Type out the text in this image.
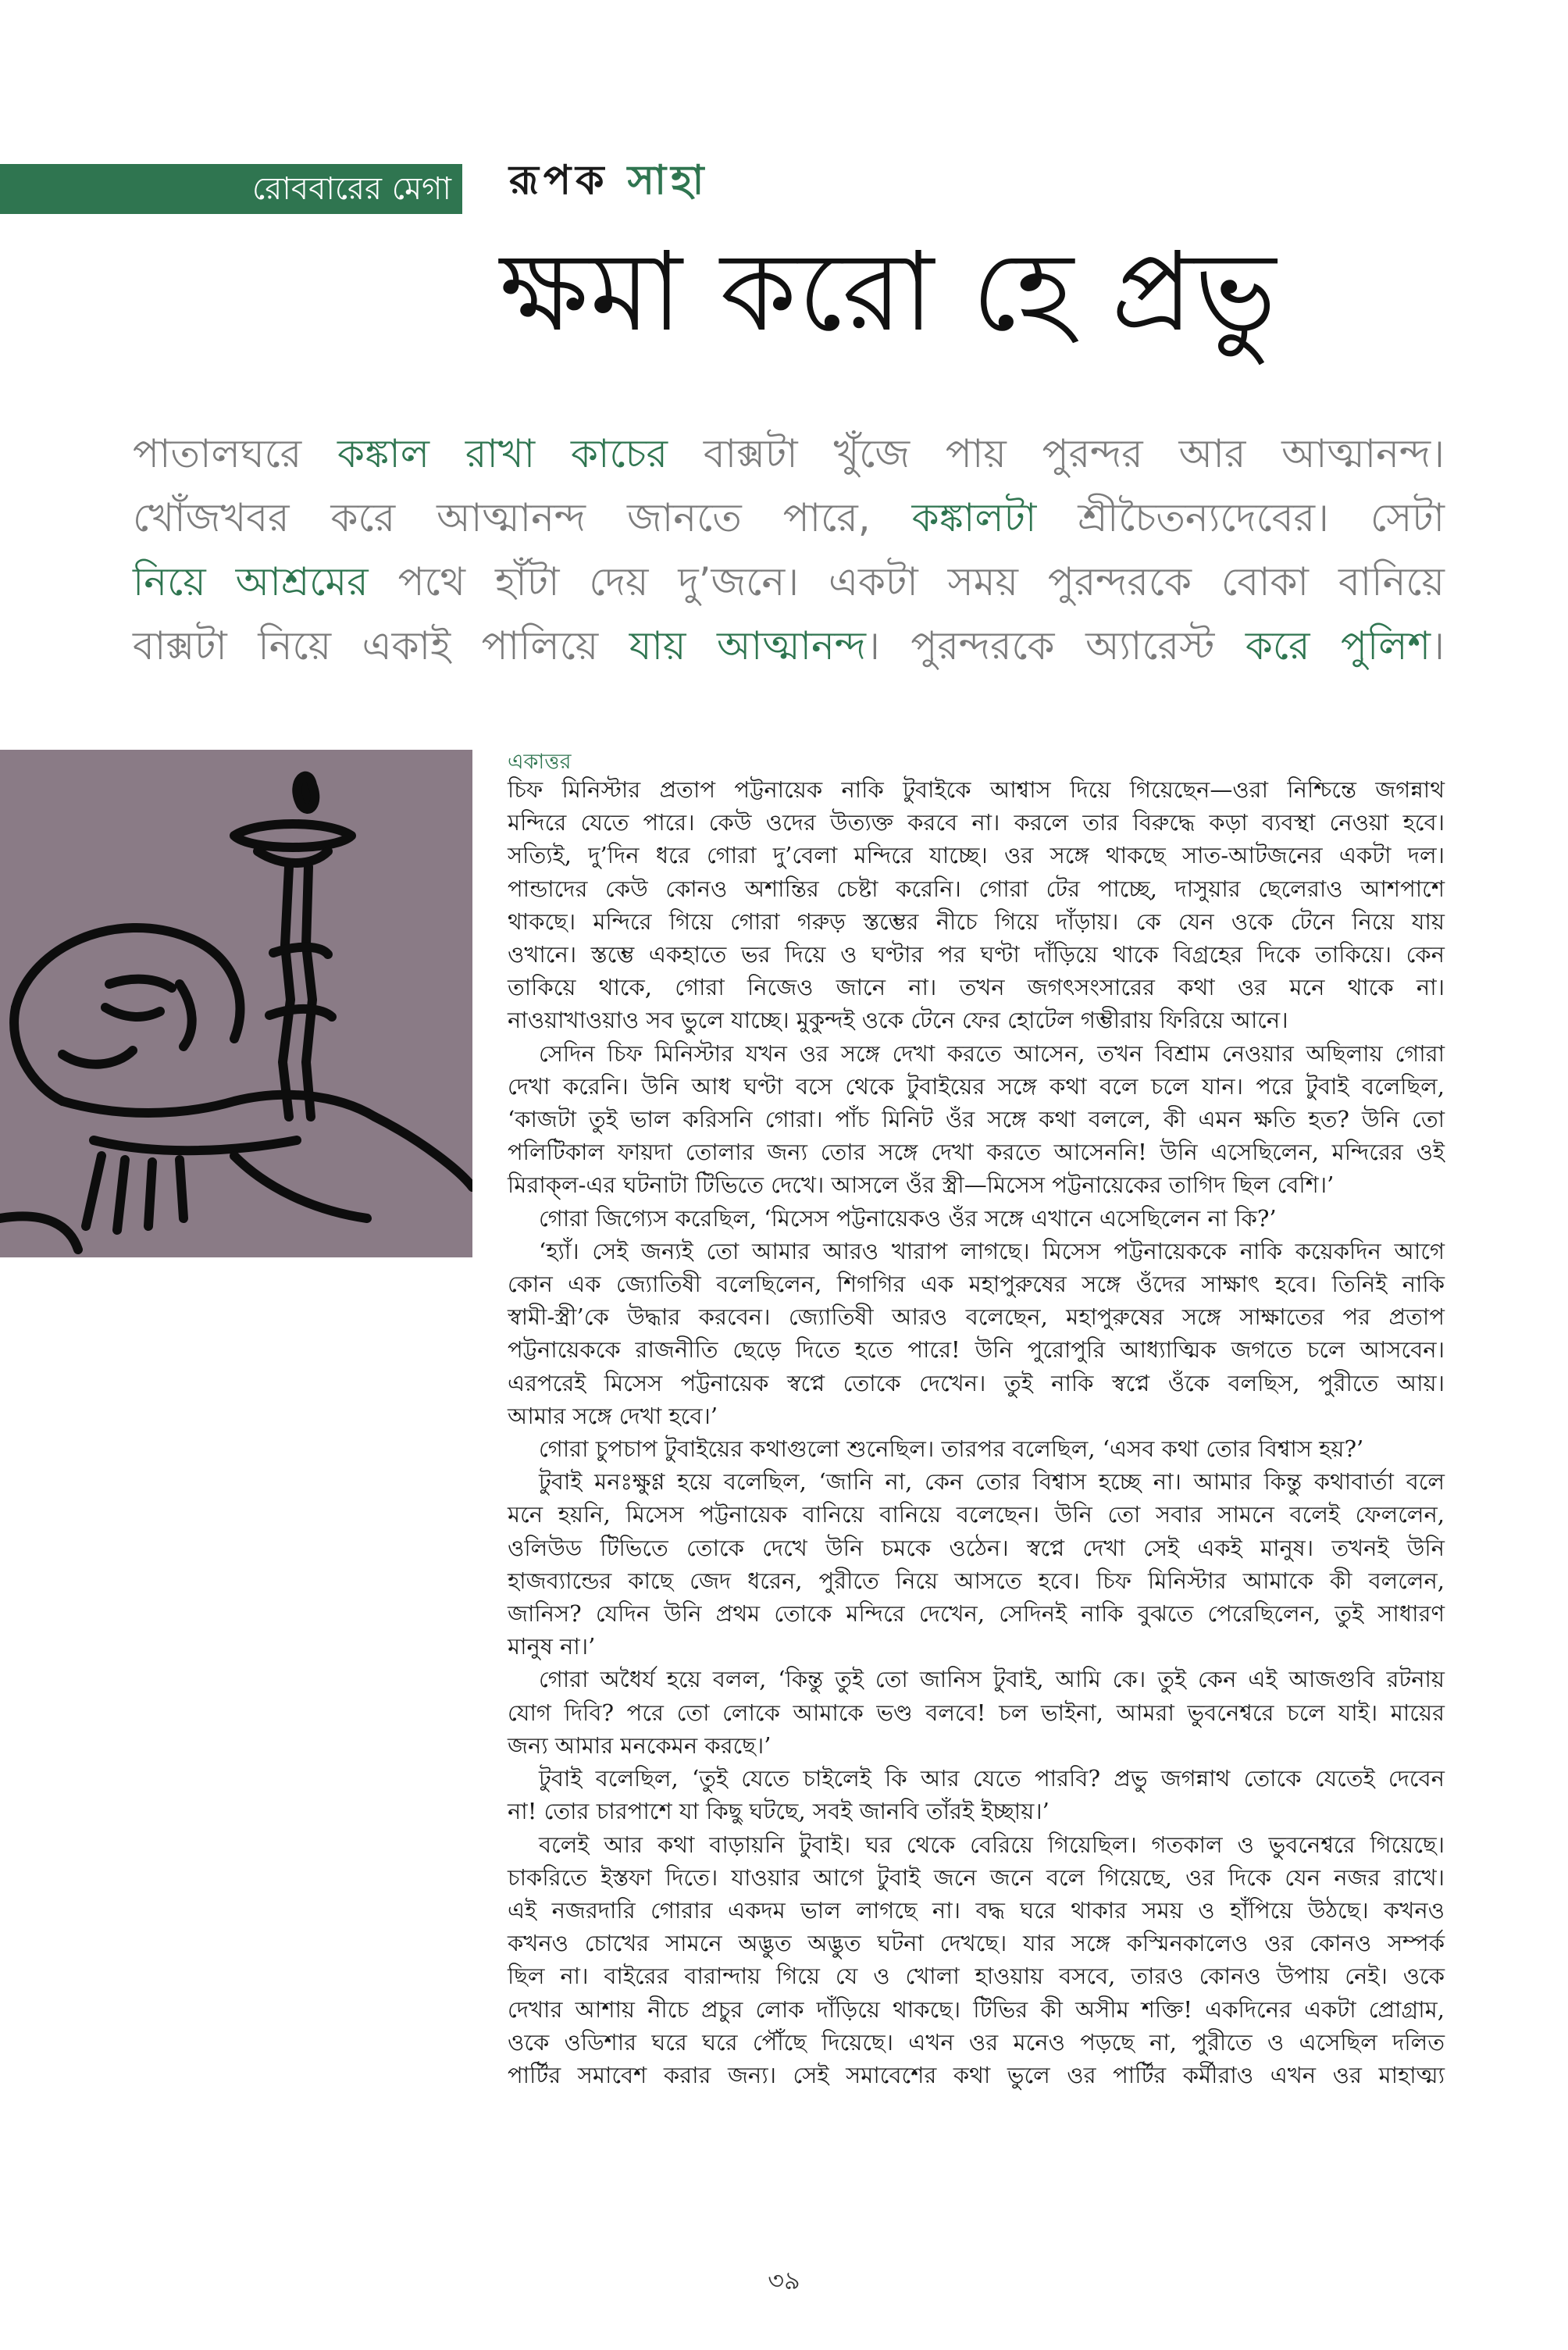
রোববারের মেগা রূপক সাহা
ক্ষমা করো হে প্রভু
পাতালঘরে কঙ্কাল রাখা কাচের বাক্সটা খুঁজে পায় পুরন্দর আর আত্মানন্দ।
খোঁজখবর করে আত্মানন্দ জানতে পারে, কঙ্কালটা শ্রীচৈতন্যদেবের। সেটা
নিয়ে আশ্রমের পথে হাঁটা দেয় দু’জনে। একটা সময় পুরন্দরকে বোকা বানিয়ে
বাক্সটা নিয়ে একাই পালিয়ে যায় আত্মানন্দ। পুরন্দরকে অ্যারেস্ট করে পুলিশ।
একাত্তর

চিফ মিনিস্টার প্রতাপ পট্টনায়েক নাকি টুবাইকে আশ্বাস দিয়ে গিয়েছেন—ওরা নিশ্চিন্তে জগন্নাথ

মন্দিরে যেতে পারে। কেউ ওদের উত্যক্ত করবে না। করলে তার বিরুদ্ধে কড়া ব্যবস্থা নেওয়া হবে।

সত্যিই, দু’দিন ধরে গোরা দু’বেলা মন্দিরে যাচ্ছে। ওর সঙ্গে থাকছে সাত-আটজনের একটা দল।

পান্ডাদের কেউ কোনও অশান্তির চেষ্টা করেনি। গোরা টের পাচ্ছে, দাসুয়ার ছেলেরাও আশপাশে

থাকছে। মন্দিরে গিয়ে গোরা গরুড় স্তম্ভের নীচে গিয়ে দাঁড়ায়। কে যেন ওকে টেনে নিয়ে যায়

ওখানে। স্তম্ভে একহাতে ভর দিয়ে ও ঘণ্টার পর ঘণ্টা দাঁড়িয়ে থাকে বিগ্রহের দিকে তাকিয়ে। কেন

তাকিয়ে থাকে, গোরা নিজেও জানে না। তখন জগৎসংসারের কথা ওর মনে থাকে না।

নাওয়াখাওয়াও সব ভুলে যাচ্ছে। মুকুন্দই ওকে টেনে ফের হোটেল গম্ভীরায় ফিরিয়ে আনে।

সেদিন চিফ মিনিস্টার যখন ওর সঙ্গে দেখা করতে আসেন, তখন বিশ্রাম নেওয়ার অছিলায় গোরা

দেখা করেনি। উনি আধ ঘণ্টা বসে থেকে টুবাইয়ের সঙ্গে কথা বলে চলে যান। পরে টুবাই বলেছিল,

‘কাজটা তুই ভাল করিসনি গোরা। পাঁচ মিনিট ওঁর সঙ্গে কথা বললে, কী এমন ক্ষতি হত? উনি তো

পলিটিকাল ফায়দা তোলার জন্য তোর সঙ্গে দেখা করতে আসেননি! উনি এসেছিলেন, মন্দিরের ওই

মিরাক্‌ল-এর ঘটনাটা টিভিতে দেখে। আসলে ওঁর স্ত্রী—মিসেস পট্টনায়েকের তাগিদ ছিল বেশি।’

গোরা জিগ্যেস করেছিল, ‘মিসেস পট্টনায়েকও ওঁর সঙ্গে এখানে এসেছিলেন না কি?’

‘হ্যাঁ। সেই জন্যই তো আমার আরও খারাপ লাগছে। মিসেস পট্টনায়েককে নাকি কয়েকদিন আগে

কোন এক জ্যোতিষী বলেছিলেন, শিগগির এক মহাপুরুষের সঙ্গে ওঁদের সাক্ষাৎ হবে। তিনিই নাকি

স্বামী-স্ত্রী’কে উদ্ধার করবেন। জ্যোতিষী আরও বলেছেন, মহাপুরুষের সঙ্গে সাক্ষাতের পর প্রতাপ

পট্টনায়েককে রাজনীতি ছেড়ে দিতে হতে পারে! উনি পুরোপুরি আধ্যাত্মিক জগতে চলে আসবেন।

এরপরেই মিসেস পট্টনায়েক স্বপ্নে তোকে দেখেন। তুই নাকি স্বপ্নে ওঁকে বলছিস, পুরীতে আয়।

আমার সঙ্গে দেখা হবে।’

গোরা চুপচাপ টুবাইয়ের কথাগুলো শুনেছিল। তারপর বলেছিল, ‘এসব কথা তোর বিশ্বাস হয়?’

টুবাই মনঃক্ষুণ্ণ হয়ে বলেছিল, ‘জানি না, কেন তোর বিশ্বাস হচ্ছে না। আমার কিন্তু কথাবার্তা বলে

মনে হয়নি, মিসেস পট্টনায়েক বানিয়ে বানিয়ে বলেছেন। উনি তো সবার সামনে বলেই ফেললেন,

ওলিউড টিভিতে তোকে দেখে উনি চমকে ওঠেন। স্বপ্নে দেখা সেই একই মানুষ। তখনই উনি

হাজব্যান্ডের কাছে জেদ ধরেন, পুরীতে নিয়ে আসতে হবে। চিফ মিনিস্টার আমাকে কী বললেন,

জানিস? যেদিন উনি প্রথম তোকে মন্দিরে দেখেন, সেদিনই নাকি বুঝতে পেরেছিলেন, তুই সাধারণ

মানুষ না।’

গোরা অধৈর্য হয়ে বলল, ‘কিন্তু তুই তো জানিস টুবাই, আমি কে। তুই কেন এই আজগুবি রটনায়

যোগ দিবি? পরে তো লোকে আমাকে ভণ্ড বলবে! চল ভাইনা, আমরা ভুবনেশ্বরে চলে যাই। মায়ের

জন্য আমার মনকেমন করছে।’

টুবাই বলেছিল, ‘তুই যেতে চাইলেই কি আর যেতে পারবি? প্রভু জগন্নাথ তোকে যেতেই দেবেন

না! তোর চারপাশে যা কিছু ঘটছে, সবই জানবি তাঁরই ইচ্ছায়।’

বলেই আর কথা বাড়ায়নি টুবাই। ঘর থেকে বেরিয়ে গিয়েছিল। গতকাল ও ভুবনেশ্বরে গিয়েছে।

চাকরিতে ইস্তফা দিতে। যাওয়ার আগে টুবাই জনে জনে বলে গিয়েছে, ওর দিকে যেন নজর রাখে।

এই নজরদারি গোরার একদম ভাল লাগছে না। বদ্ধ ঘরে থাকার সময় ও হাঁপিয়ে উঠছে। কখনও

কখনও চোখের সামনে অদ্ভুত অদ্ভুত ঘটনা দেখছে। যার সঙ্গে কস্মিনকালেও ওর কোনও সম্পর্ক

ছিল না। বাইরের বারান্দায় গিয়ে যে ও খোলা হাওয়ায় বসবে, তারও কোনও উপায় নেই। ওকে

দেখার আশায় নীচে প্রচুর লোক দাঁড়িয়ে থাকছে। টিভির কী অসীম শক্তি! একদিনের একটা প্রোগ্রাম,

ওকে ওডিশার ঘরে ঘরে পৌঁছে দিয়েছে। এখন ওর মনেও পড়ছে না, পুরীতে ও এসেছিল দলিত

পার্টির সমাবেশ করার জন্য। সেই সমাবেশের কথা ভুলে ওর পার্টির কর্মীরাও এখন ওর মাহাত্ম্য

৩৯
